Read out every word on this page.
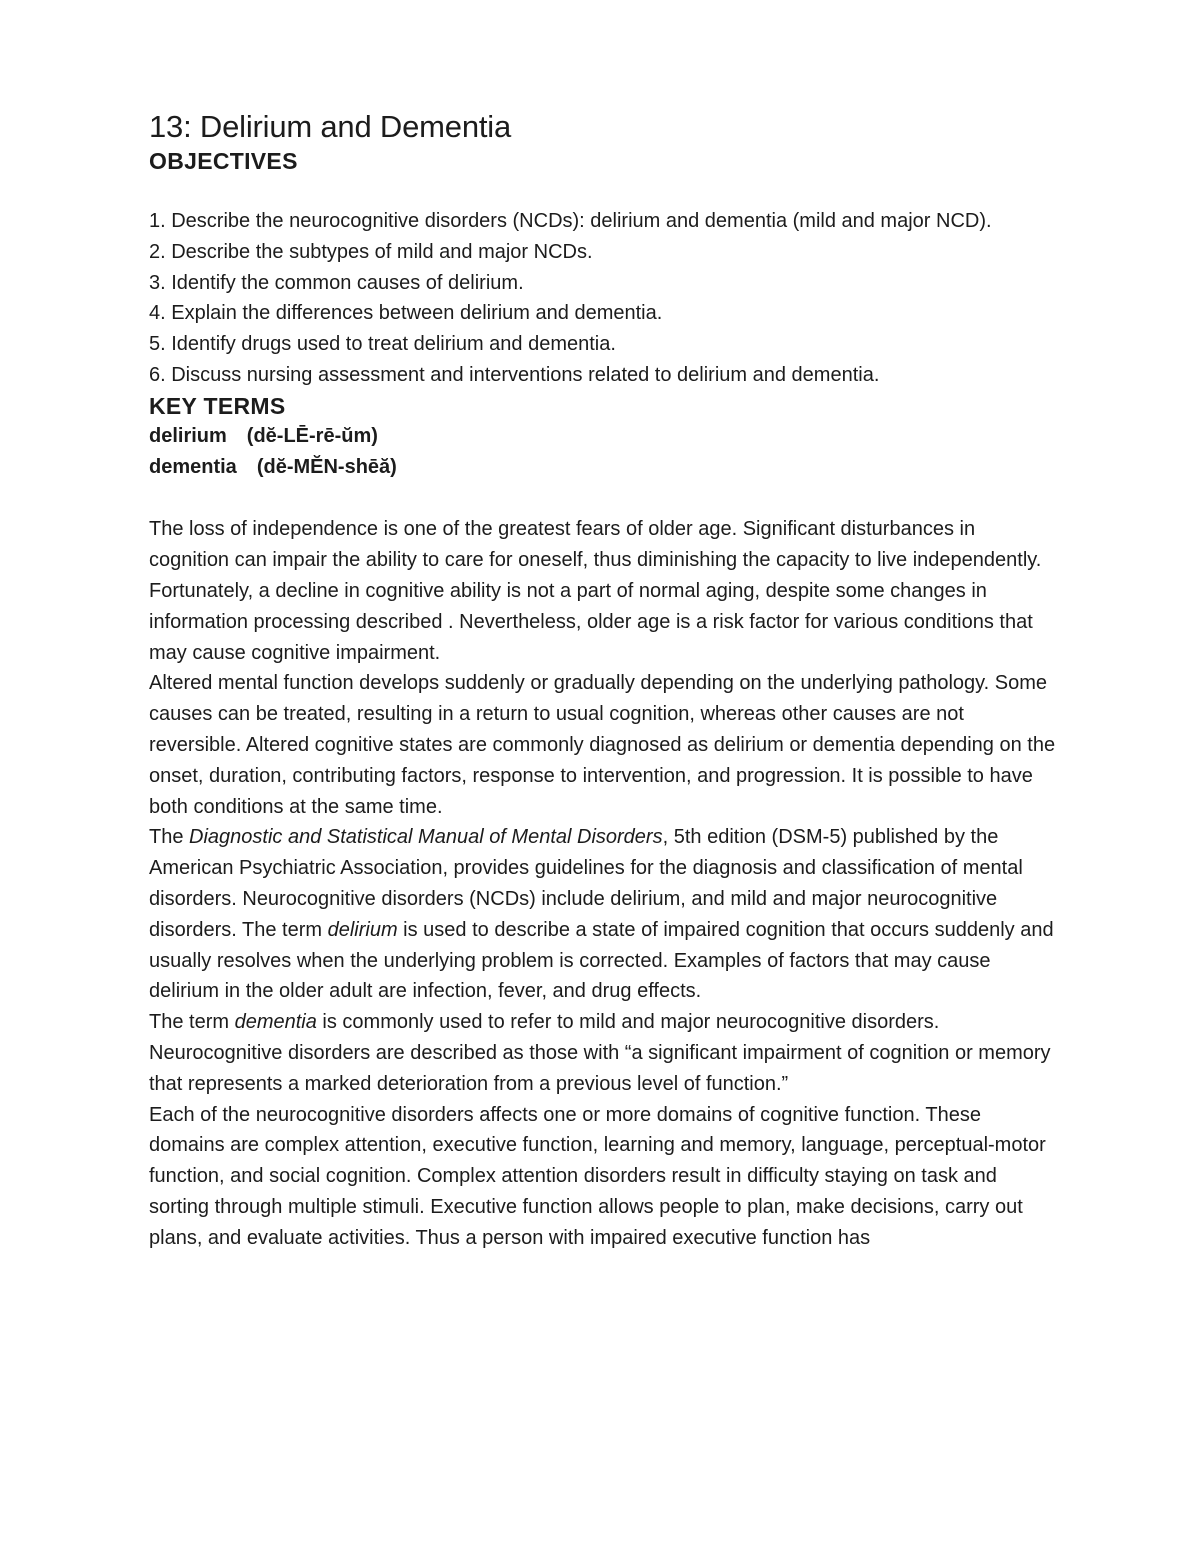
13: Delirium and Dementia
OBJECTIVES
1. Describe the neurocognitive disorders (NCDs): delirium and dementia (mild and major NCD).
2. Describe the subtypes of mild and major NCDs.
3. Identify the common causes of delirium.
4. Explain the differences between delirium and dementia.
5. Identify drugs used to treat delirium and dementia.
6. Discuss nursing assessment and interventions related to delirium and dementia.
KEY TERMS
delirium (dĕ-LĒ-rē-ŭm)
dementia (dĕ-MĔN-shēă)

The loss of independence is one of the greatest fears of older age. Significant disturbances in cognition can impair the ability to care for oneself, thus diminishing the capacity to live independently. Fortunately, a decline in cognitive ability is not a part of normal aging, despite some changes in information processing described . Nevertheless, older age is a risk factor for various conditions that may cause cognitive impairment.

Altered mental function develops suddenly or gradually depending on the underlying pathology. Some causes can be treated, resulting in a return to usual cognition, whereas other causes are not reversible. Altered cognitive states are commonly diagnosed as delirium or dementia depending on the onset, duration, contributing factors, response to intervention, and progression. It is possible to have both conditions at the same time.

The Diagnostic and Statistical Manual of Mental Disorders, 5th edition (DSM-5) published by the American Psychiatric Association, provides guidelines for the diagnosis and classification of mental disorders. Neurocognitive disorders (NCDs) include delirium, and mild and major neurocognitive disorders. The term delirium is used to describe a state of impaired cognition that occurs suddenly and usually resolves when the underlying problem is corrected. Examples of factors that may cause delirium in the older adult are infection, fever, and drug effects.

The term dementia is commonly used to refer to mild and major neurocognitive disorders. Neurocognitive disorders are described as those with “a significant impairment of cognition or memory that represents a marked deterioration from a previous level of function.”

Each of the neurocognitive disorders affects one or more domains of cognitive function. These domains are complex attention, executive function, learning and memory, language, perceptual-motor function, and social cognition. Complex attention disorders result in difficulty staying on task and sorting through multiple stimuli. Executive function allows people to plan, make decisions, carry out plans, and evaluate activities. Thus a person with impaired executive function has
